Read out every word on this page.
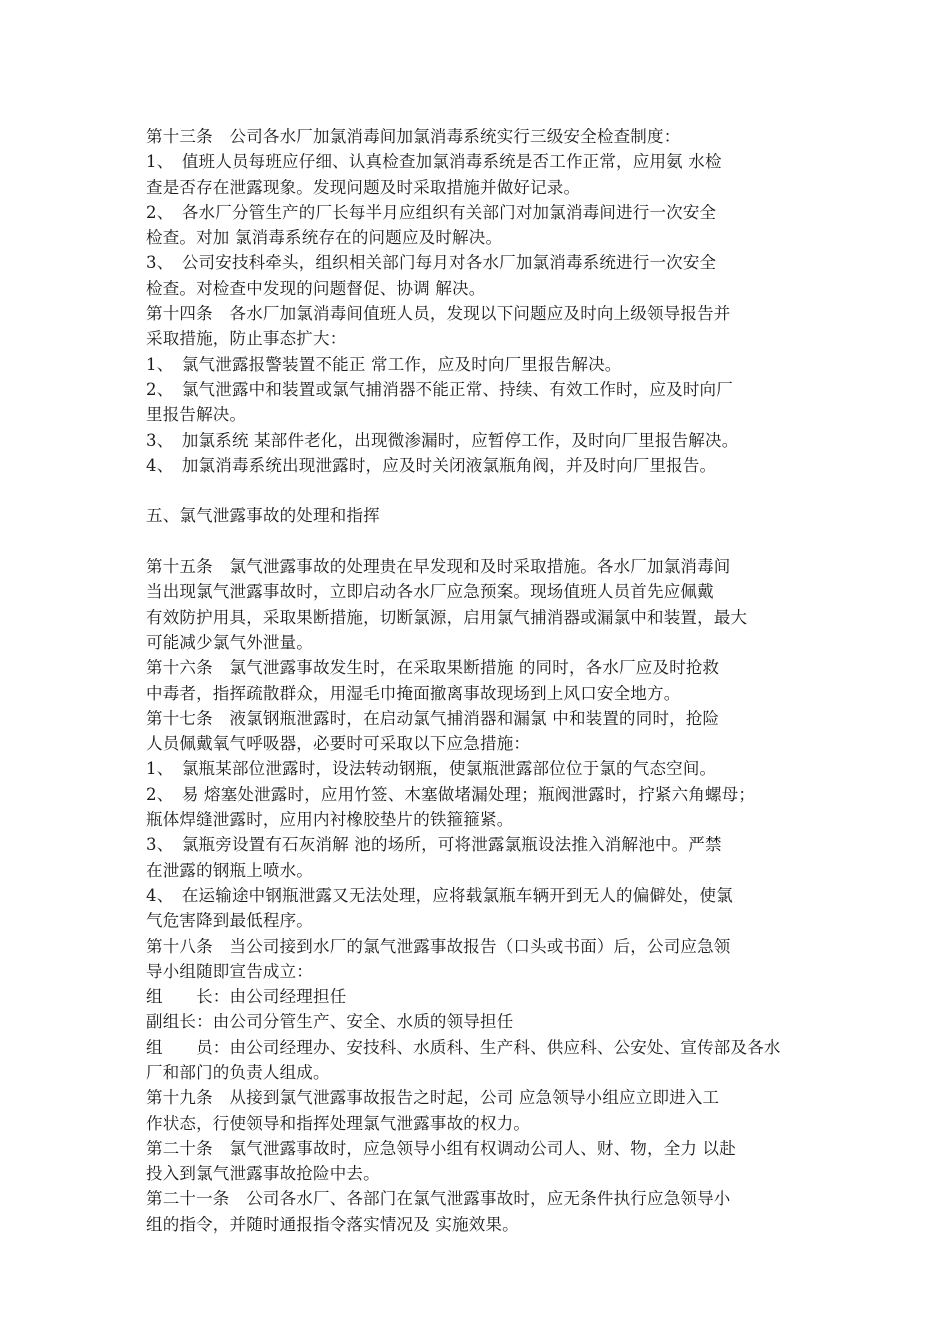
第十三条　公司各水厂加氯消毒间加氯消毒系统实行三级安全检查制度：
1、　值班人员每班应仔细、认真检查加氯消毒系统是否工作正常，应用氨 水检
查是否存在泄露现象。发现问题及时采取措施并做好记录。
2、　各水厂分管生产的厂长每半月应组织有关部门对加氯消毒间进行一次安全
检查。对加 氯消毒系统存在的问题应及时解决。
3、　公司安技科牵头，组织相关部门每月对各水厂加氯消毒系统进行一次安全
检查。对检查中发现的问题督促、协调 解决。
第十四条　各水厂加氯消毒间值班人员，发现以下问题应及时向上级领导报告并
采取措施，防止事态扩大：
1、　氯气泄露报警装置不能正 常工作，应及时向厂里报告解决。
2、　氯气泄露中和装置或氯气捕消器不能正常、持续、有效工作时，应及时向厂
里报告解决。
3、　加氯系统 某部件老化，出现微渗漏时，应暂停工作，及时向厂里报告解决。
4、　加氯消毒系统出现泄露时，应及时关闭液氯瓶角阀，并及时向厂里报告。
五、氯气泄露事故的处理和指挥
第十五条　氯气泄露事故的处理贵在早发现和及时采取措施。各水厂加氯消毒间
当出现氯气泄露事故时，立即启动各水厂应急预案。现场值班人员首先应佩戴
有效防护用具，采取果断措施，切断氯源，启用氯气捕消器或漏氯中和装置，最大
可能减少氯气外泄量。
第十六条　氯气泄露事故发生时，在采取果断措施 的同时，各水厂应及时抢救
中毒者，指挥疏散群众，用湿毛巾掩面撤离事故现场到上风口安全地方。
第十七条　液氯钢瓶泄露时，在启动氯气捕消器和漏氯 中和装置的同时，抢险
人员佩戴氧气呼吸器，必要时可采取以下应急措施：
1、　氯瓶某部位泄露时，设法转动钢瓶，使氯瓶泄露部位位于氯的气态空间。
2、　易 熔塞处泄露时，应用竹签、木塞做堵漏处理；瓶阀泄露时，拧紧六角螺母；
瓶体焊缝泄露时，应用内衬橡胶垫片的铁箍箍紧。
3、　氯瓶旁设置有石灰消解 池的场所，可将泄露氯瓶设法推入消解池中。严禁
在泄露的钢瓶上喷水。
4、　在运输途中钢瓶泄露又无法处理，应将载氯瓶车辆开到无人的偏僻处，使氯
气危害降到最低程序。
第十八条　当公司接到水厂的氯气泄露事故报告（口头或书面）后，公司应急领
导小组随即宣告成立：
组　　长：由公司经理担任
副组长：由公司分管生产、安全、水质的领导担任
组　　员：由公司经理办、安技科、水质科、生产科、供应科、公安处、宣传部及各水
厂和部门的负责人组成。
第十九条　从接到氯气泄露事故报告之时起，公司 应急领导小组应立即进入工
作状态，行使领导和指挥处理氯气泄露事故的权力。
第二十条　氯气泄露事故时，应急领导小组有权调动公司人、财、物，全力 以赴
投入到氯气泄露事故抢险中去。
第二十一条　公司各水厂、各部门在氯气泄露事故时，应无条件执行应急领导小
组的指令，并随时通报指令落实情况及 实施效果。
